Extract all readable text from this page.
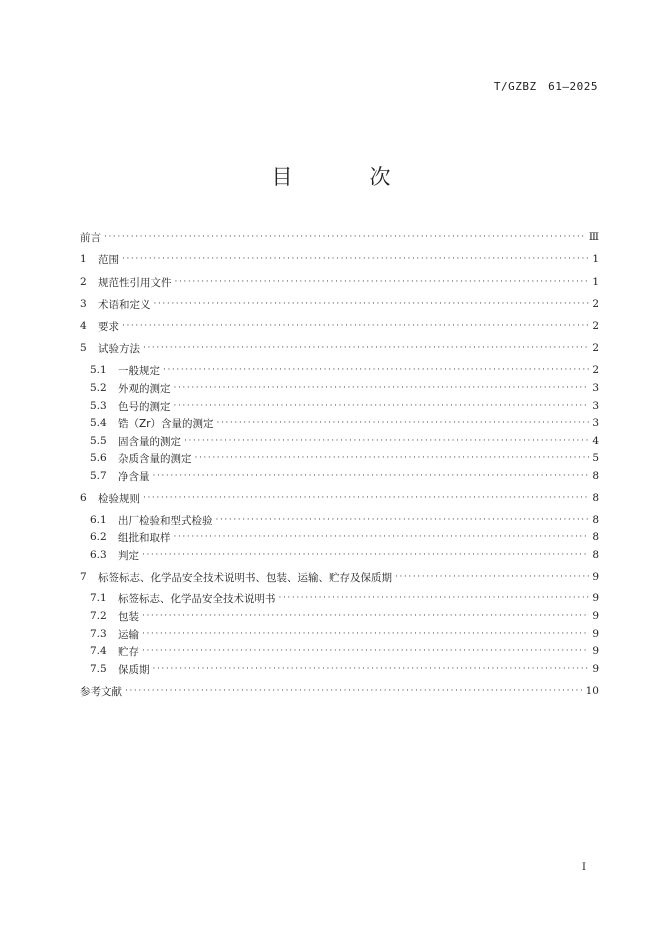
T/GZBZ　61—2025
目　次
前言 ·····	Ⅲ
1	范围 ·····	1
2	规范性引用文件 ·····	1
3	术语和定义 ·····	2
4	要求 ·····	2
5	试验方法 ·····	2
5.1	一般规定 ·····	2
5.2	外观的测定 ·····	3
5.3	色号的测定 ·····	3
5.4	锆（Zr）含量的测定 ·····	3
5.5	固含量的测定 ·····	4
5.6	杂质含量的测定 ·····	5
5.7	净含量 ·····	8
6	检验规则 ·····	8
6.1	出厂检验和型式检验 ·····	8
6.2	组批和取样 ·····	8
6.3	判定 ·····	8
7	标签标志、化学品安全技术说明书、包装、运输、贮存及保质期 ·····	9
7.1	标签标志、化学品安全技术说明书 ·····	9
7.2	包装 ·····	9
7.3	运输 ·····	9
7.4	贮存 ·····	9
7.5	保质期 ·····	9
参考文献 ·····	10
I
